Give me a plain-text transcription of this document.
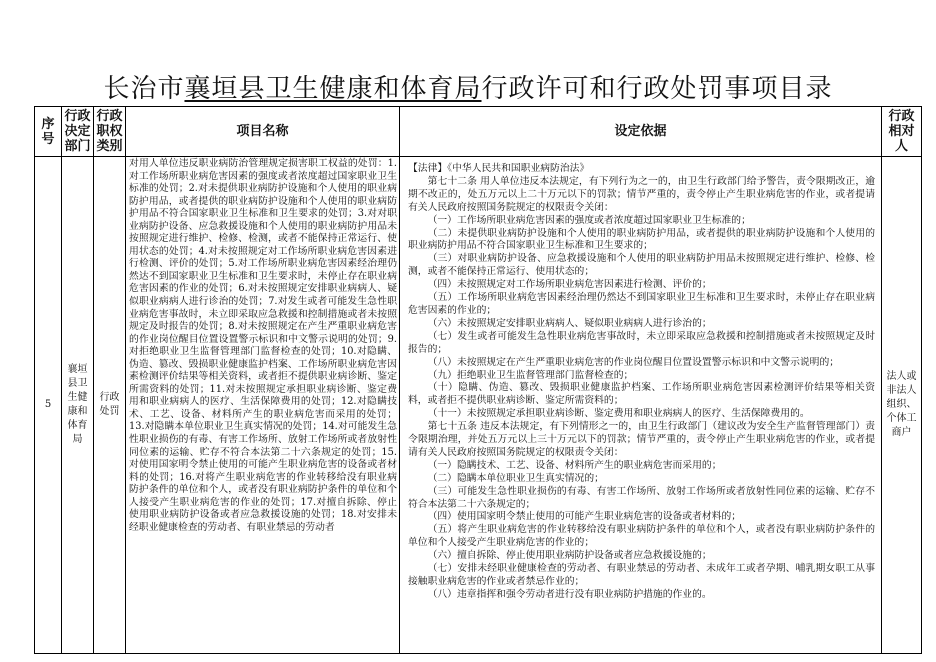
长治市襄垣县卫生健康和体育局行政许可和行政处罚事项目录
序号
行政决定部门
行政职权类别
项目名称	设定依据
行政相对人
5
襄垣县卫生健康和体育局
行政处罚
对用人单位违反职业病防治管理规定损害职工权益的处罚：1.对工作场所职业病危害因素的强度或者浓度超过国家职业卫生标准的处罚；2.对未提供职业病防护设施和个人使用的职业病防护用品，或者提供的职业病防护设施和个人使用的职业病防护用品不符合国家职业卫生标准和卫生要求的处罚；3.对对职业病防护设备、应急救援设施和个人使用的职业病防护用品未按照规定进行维护、检修、检测，或者不能保持正常运行、使用状态的处罚；4.对未按照规定对工作场所职业病危害因素进行检测、评价的处罚；5.对工作场所职业病危害因素经治理仍然达不到国家职业卫生标准和卫生要求时，未停止存在职业病危害因素的作业的处罚；6.对未按照规定安排职业病病人、疑似职业病病人进行诊治的处罚；7.对发生或者可能发生急性职业病危害事故时，未立即采取应急救援和控制措施或者未按照规定及时报告的处罚；8.对未按照规定在产生严重职业病危害的作业岗位醒目位置设置警示标识和中文警示说明的处罚；9.对拒绝职业卫生监督管理部门监督检查的处罚；10.对隐瞒、伪造、篡改、毁损职业健康监护档案、工作场所职业病危害因素检测评价结果等相关资料，或者拒不提供职业病诊断、鉴定所需资料的处罚；11.对未按照规定承担职业病诊断、鉴定费用和职业病病人的医疗、生活保障费用的处罚；12.对隐瞒技术、工艺、设备、材料所产生的职业病危害而采用的处罚；13.对隐瞒本单位职业卫生真实情况的处罚；14.对可能发生急性职业损伤的有毒、有害工作场所、放射工作场所或者放射性同位素的运输、贮存不符合本法第二十六条规定的处罚；15.对使用国家明令禁止使用的可能产生职业病危害的设备或者材料的处罚；16.对将产生职业病危害的作业转移给没有职业病防护条件的单位和个人，或者没有职业病防护条件的单位和个人接受产生职业病危害的作业的处罚；17.对擅自拆除、停止使用职业病防护设备或者应急救援设施的处罚；18.对安排未经职业健康检查的劳动者、有职业禁忌的劳动者

【法律】《中华人民共和国职业病防治法》

第七十二条 用人单位违反本法规定，有下列行为之一的，由卫生行政部门给予警告，责令限期改正，逾期不改正的，处五万元以上二十万元以下的罚款；情节严重的，责令停止产生职业病危害的作业，或者提请有关人民政府按照国务院规定的权限责令关闭：

（一）工作场所职业病危害因素的强度或者浓度超过国家职业卫生标准的；

（二）未提供职业病防护设施和个人使用的职业病防护用品，或者提供的职业病防护设施和个人使用的职业病防护用品不符合国家职业卫生标准和卫生要求的；

（三）对职业病防护设备、应急救援设施和个人使用的职业病防护用品未按照规定进行维护、检修、检测，或者不能保持正常运行、使用状态的；

（四）未按照规定对工作场所职业病危害因素进行检测、评价的；

（五）工作场所职业病危害因素经治理仍然达不到国家职业卫生标准和卫生要求时，未停止存在职业病危害因素的作业的；

（六）未按照规定安排职业病病人、疑似职业病病人进行诊治的；

（七）发生或者可能发生急性职业病危害事故时，未立即采取应急救援和控制措施或者未按照规定及时报告的；

（八）未按照规定在产生严重职业病危害的作业岗位醒目位置设置警示标识和中文警示说明的；

（九）拒绝职业卫生监督管理部门监督检查的；

（十）隐瞒、伪造、篡改、毁损职业健康监护档案、工作场所职业病危害因素检测评价结果等相关资料，或者拒不提供职业病诊断、鉴定所需资料的；

（十一）未按照规定承担职业病诊断、鉴定费用和职业病病人的医疗、生活保障费用的。

第七十五条 违反本法规定，有下列情形之一的，由卫生行政部门（建议改为安全生产监督管理部门）责令限期治理，并处五万元以上三十万元以下的罚款；情节严重的，责令停止产生职业病危害的作业，或者提请有关人民政府按照国务院规定的权限责令关闭：

（一）隐瞒技术、工艺、设备、材料所产生的职业病危害而采用的；

（二）隐瞒本单位职业卫生真实情况的；

（三）可能发生急性职业损伤的有毒、有害工作场所、放射工作场所或者放射性同位素的运输、贮存不符合本法第二十六条规定的；

（四）使用国家明令禁止使用的可能产生职业病危害的设备或者材料的；

（五）将产生职业病危害的作业转移给没有职业病防护条件的单位和个人，或者没有职业病防护条件的单位和个人接受产生职业病危害的作业的；

（六）擅自拆除、停止使用职业病防护设备或者应急救援设施的；

（七）安排未经职业健康检查的劳动者、有职业禁忌的劳动者、未成年工或者孕期、哺乳期女职工从事接触职业病危害的作业或者禁忌作业的；

（八）违章指挥和强令劳动者进行没有职业病防护措施的作业的。

法人或非法人组织、个体工商户
